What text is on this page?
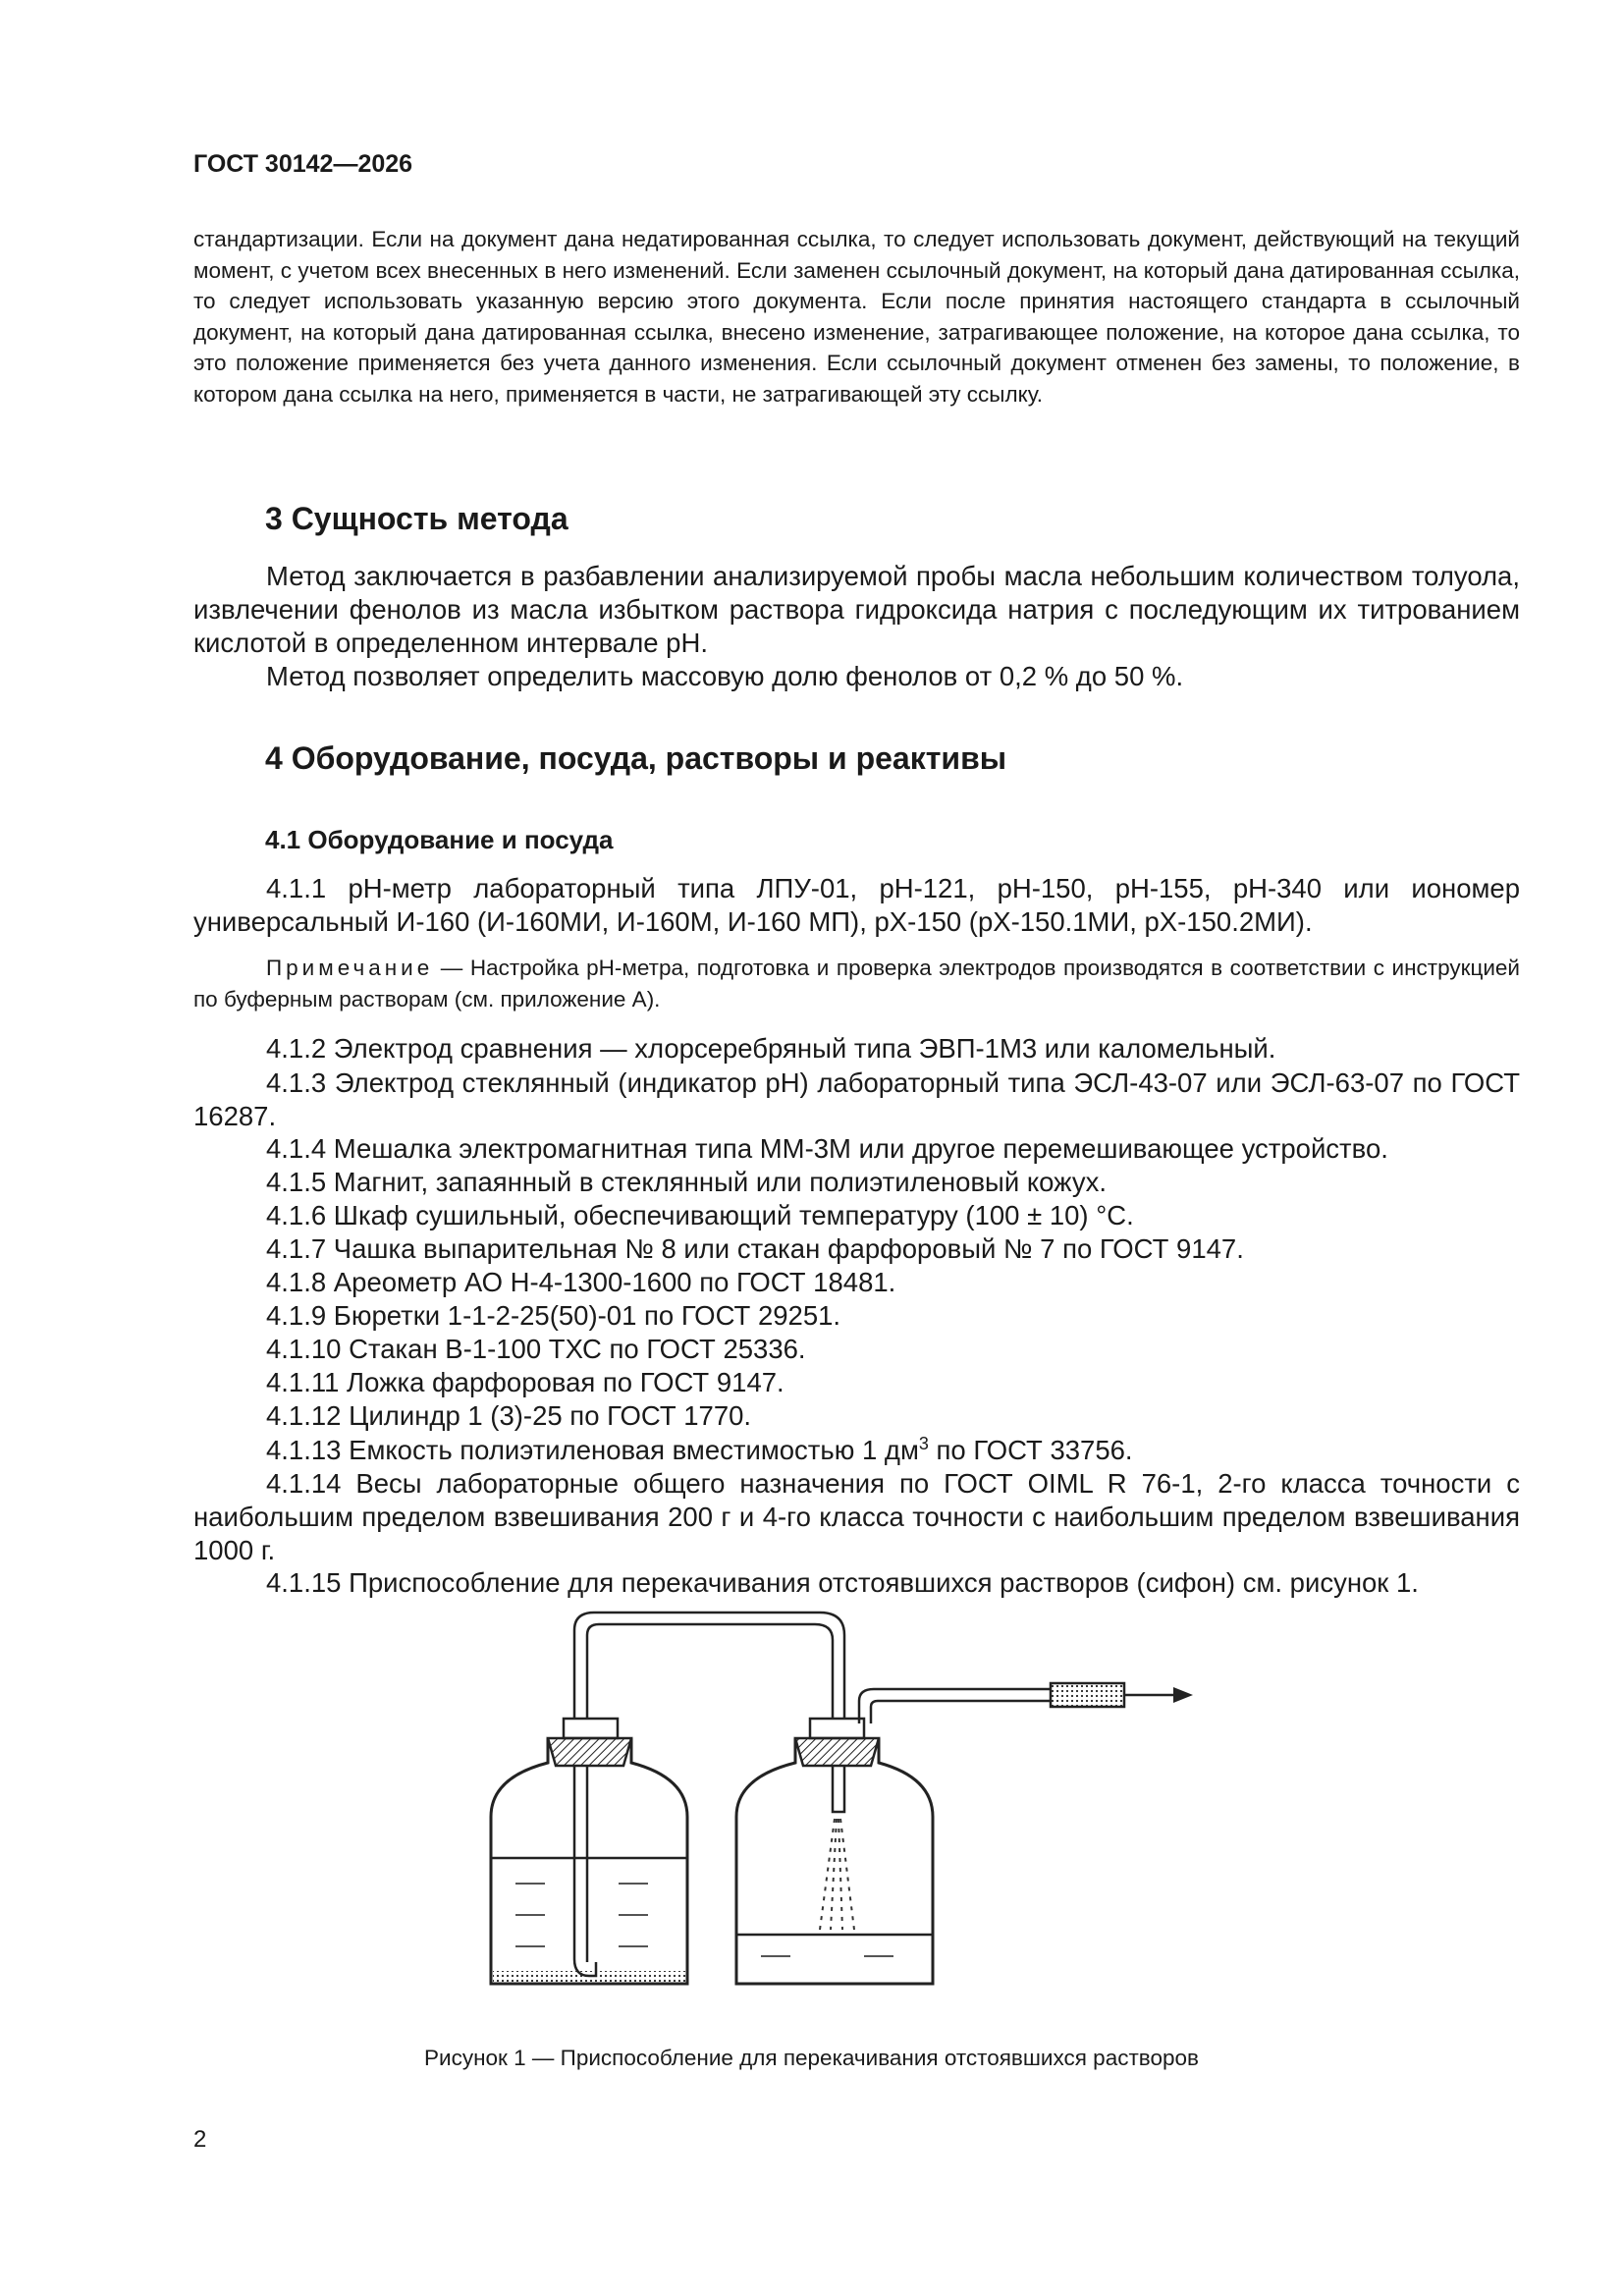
ГОСТ 30142—2026

стандартизации. Если на документ дана недатированная ссылка, то следует использовать документ, действующий на текущий момент, с учетом всех внесенных в него изменений. Если заменен ссылочный документ, на который дана датированная ссылка, то следует использовать указанную версию этого документа. Если после принятия настоящего стандарта в ссылочный документ, на который дана датированная ссылка, внесено изменение, затрагивающее положение, на которое дана ссылка, то это положение применяется без учета данного изменения. Если ссылочный документ отменен без замены, то положение, в котором дана ссылка на него, применяется в части, не затрагивающей эту ссылку.

3 Сущность метода

Метод заключается в разбавлении анализируемой пробы масла небольшим количеством толуола, извлечении фенолов из масла избытком раствора гидроксида натрия с последующим их титрованием кислотой в определенном интервале pH.

Метод позволяет определить массовую долю фенолов от 0,2 % до 50 %.

4 Оборудование, посуда, растворы и реактивы
4.1 Оборудование и посуда

4.1.1 pH-метр лабораторный типа ЛПУ-01, pH-121, pH-150, pH-155, pH-340 или иономер универсальный И-160 (И-160МИ, И-160М, И-160 МП), pX-150 (pX-150.1МИ, pX-150.2МИ).

Примечание — Настройка pH-метра, подготовка и проверка электродов производятся в соответствии с инструкцией по буферным растворам (см. приложение А).

4.1.2 Электрод сравнения — хлорсеребряный типа ЭВП-1М3 или каломельный.

4.1.3 Электрод стеклянный (индикатор pH) лабораторный типа ЭСЛ-43-07 или ЭСЛ-63-07 по ГОСТ 16287.

4.1.4 Мешалка электромагнитная типа ММ-3М или другое перемешивающее устройство.

4.1.5 Магнит, запаянный в стеклянный или полиэтиленовый кожух.

4.1.6 Шкаф сушильный, обеспечивающий температуру (100 ± 10) °С.

4.1.7 Чашка выпарительная № 8 или стакан фарфоровый № 7 по ГОСТ 9147.

4.1.8 Ареометр АО Н-4-1300-1600 по ГОСТ 18481.

4.1.9 Бюретки 1-1-2-25(50)-01 по ГОСТ 29251.

4.1.10 Стакан В-1-100 ТХС по ГОСТ 25336.

4.1.11 Ложка фарфоровая по ГОСТ 9147.

4.1.12 Цилиндр 1 (3)-25 по ГОСТ 1770.

4.1.13 Емкость полиэтиленовая вместимостью 1 $дм^3$ по ГОСТ 33756.

4.1.14 Весы лабораторные общего назначения по ГОСТ OIML R 76-1, 2-го класса точности с наибольшим пределом взвешивания 200 г и 4-го класса точности с наибольшим пределом взвешивания 1000 г.

4.1.15 Приспособление для перекачивания отстоявшихся растворов (сифон) см. рисунок 1.

Рисунок 1 — Приспособление для перекачивания отстоявшихся растворов

2
